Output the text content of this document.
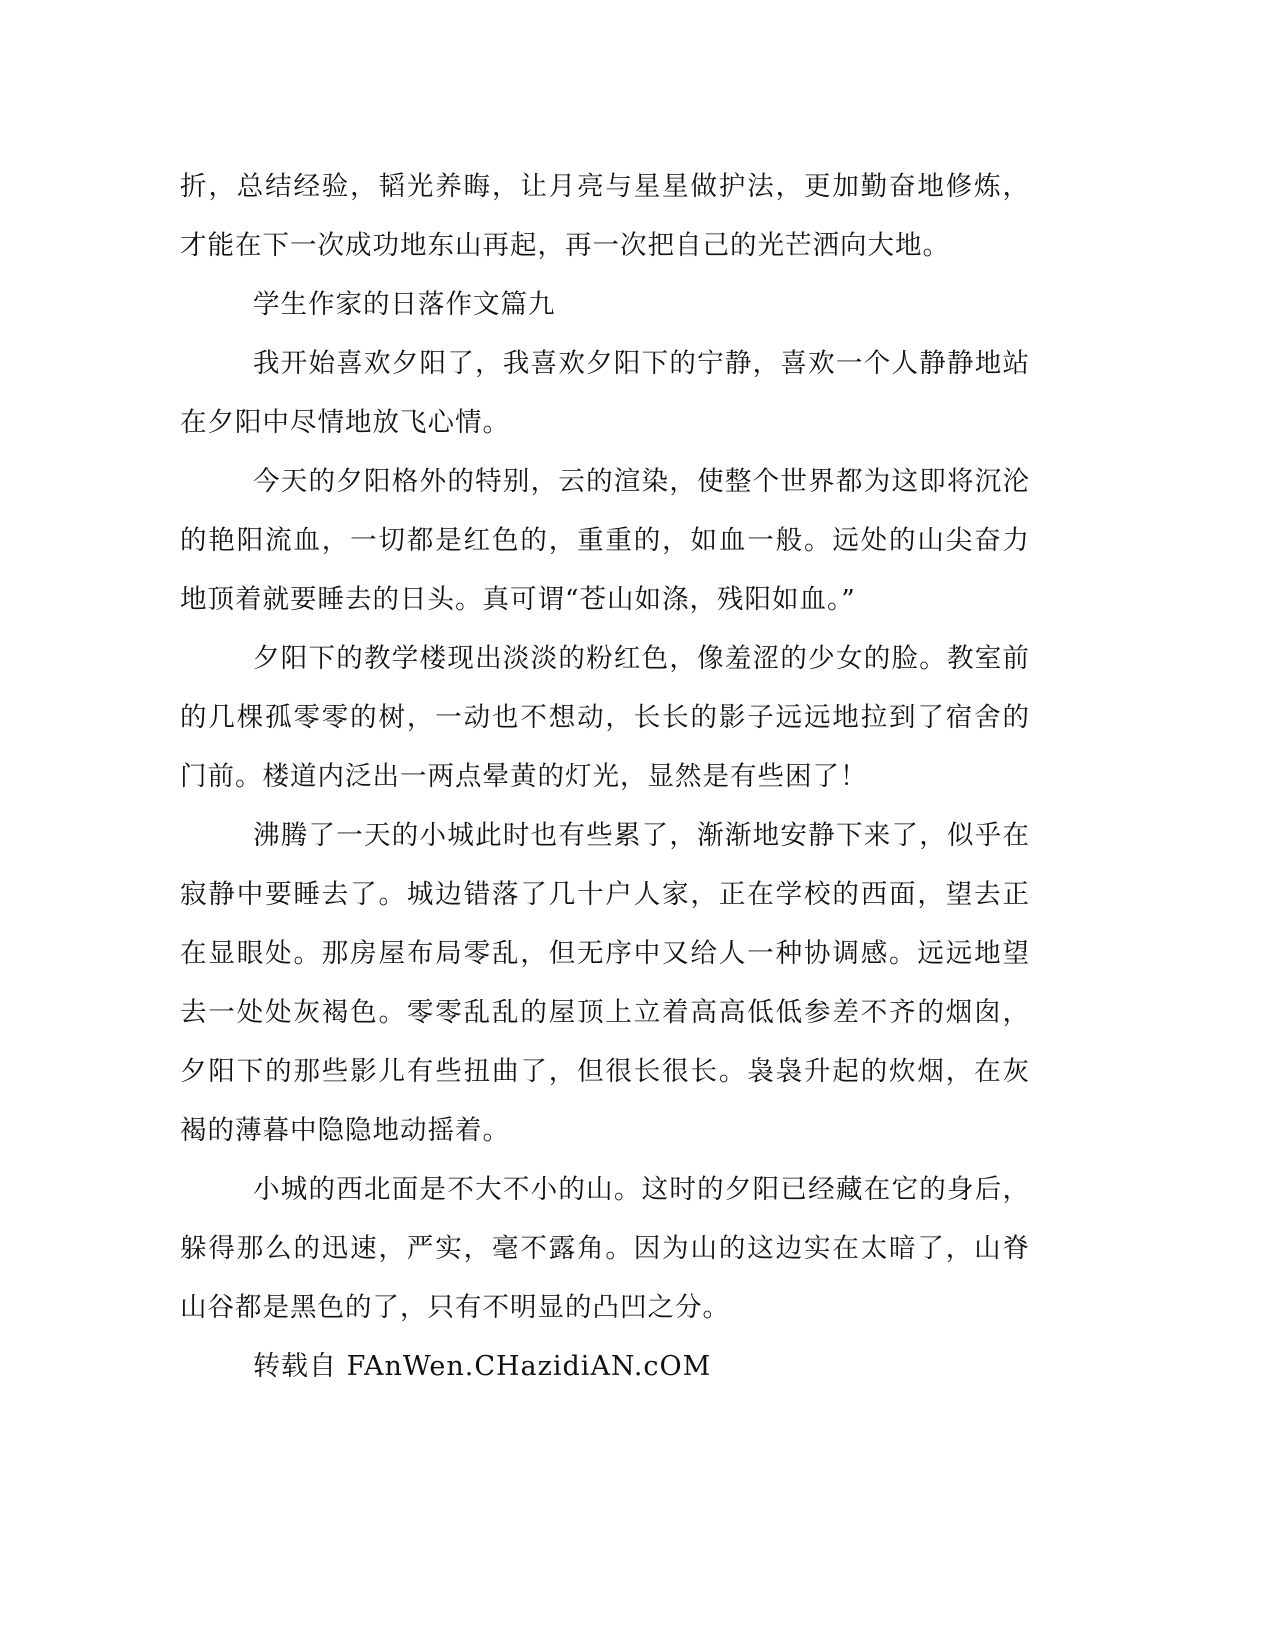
折，总结经验，韬光养晦，让月亮与星星做护法，更加勤奋地修炼，才能在下一次成功地东山再起，再一次把自己的光芒洒向大地。

学生作家的日落作文篇九

我开始喜欢夕阳了，我喜欢夕阳下的宁静，喜欢一个人静静地站在夕阳中尽情地放飞心情。

今天的夕阳格外的特别，云的渲染，使整个世界都为这即将沉沦的艳阳流血，一切都是红色的，重重的，如血一般。远处的山尖奋力地顶着就要睡去的日头。真可谓“苍山如涤，残阳如血。”

夕阳下的教学楼现出淡淡的粉红色，像羞涩的少女的脸。教室前的几棵孤零零的树，一动也不想动，长长的影子远远地拉到了宿舍的门前。楼道内泛出一两点晕黄的灯光，显然是有些困了！

沸腾了一天的小城此时也有些累了，渐渐地安静下来了，似乎在寂静中要睡去了。城边错落了几十户人家，正在学校的西面，望去正在显眼处。那房屋布局零乱，但无序中又给人一种协调感。远远地望去一处处灰褐色。零零乱乱的屋顶上立着高高低低参差不齐的烟囱，夕阳下的那些影儿有些扭曲了，但很长很长。袅袅升起的炊烟，在灰褐的薄暮中隐隐地动摇着。

小城的西北面是不大不小的山。这时的夕阳已经藏在它的身后，躲得那么的迅速，严实，毫不露角。因为山的这边实在太暗了，山脊山谷都是黑色的了，只有不明显的凸凹之分。

转载自 FAnWen.CHazidiAN.cOM
